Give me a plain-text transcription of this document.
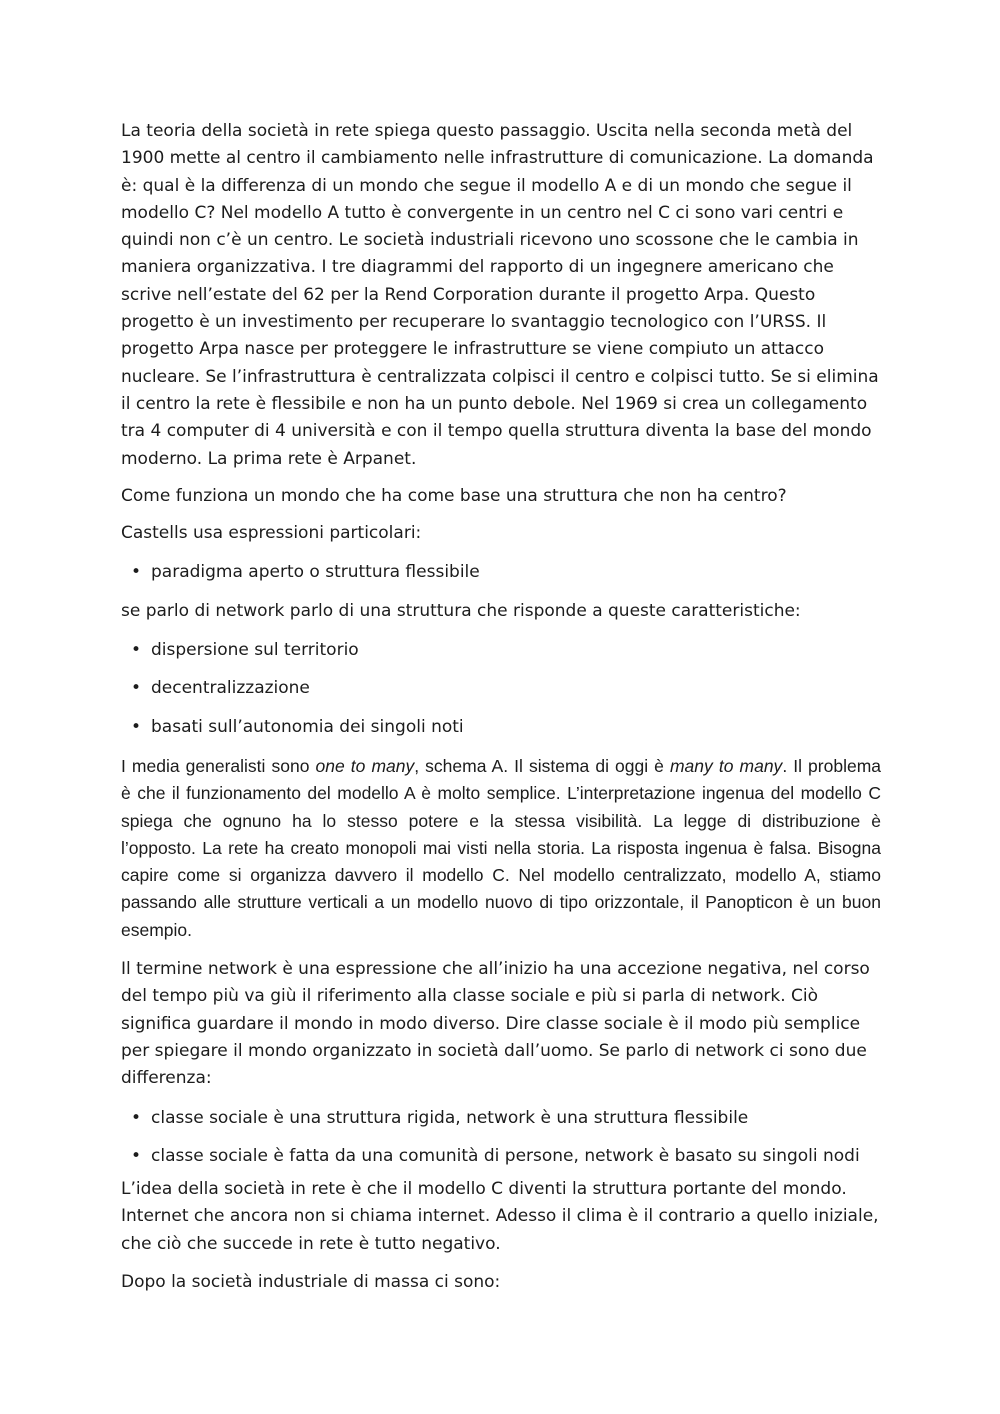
La teoria della società in rete spiega questo passaggio. Uscita nella seconda metà del 1900 mette al centro il cambiamento nelle infrastrutture di comunicazione. La domanda è: qual è la differenza di un mondo che segue il modello A e di un mondo che segue il modello C? Nel modello A tutto è convergente in un centro nel C ci sono vari centri e quindi non c’è un centro. Le società industriali ricevono uno scossone che le cambia in maniera organizzativa. I tre diagrammi del rapporto di un ingegnere americano che scrive nell’estate del 62 per la Rend Corporation durante il progetto Arpa. Questo progetto è un investimento per recuperare lo svantaggio tecnologico con l’URSS. Il progetto Arpa nasce per proteggere le infrastrutture se viene compiuto un attacco nucleare. Se l’infrastruttura è centralizzata colpisci il centro e colpisci tutto. Se si elimina il centro la rete è flessibile e non ha un punto debole. Nel 1969 si crea un collegamento tra 4 computer di 4 università e con il tempo quella struttura diventa la base del mondo moderno. La prima rete è Arpanet.

Come funziona un mondo che ha come base una struttura che non ha centro?

Castells usa espressioni particolari:

• paradigma aperto o struttura flessibile

se parlo di network parlo di una struttura che risponde a queste caratteristiche:

• dispersione sul territorio
• decentralizzazione
• basati sull’autonomia dei singoli noti

I media generalisti sono one to many, schema A. Il sistema di oggi è many to many. Il problema è che il funzionamento del modello A è molto semplice. L’interpretazione ingenua del modello C spiega che ognuno ha lo stesso potere e la stessa visibilità. La legge di distribuzione è l’opposto. La rete ha creato monopoli mai visti nella storia. La risposta ingenua è falsa. Bisogna capire come si organizza davvero il modello C. Nel modello centralizzato, modello A, stiamo passando alle strutture verticali a un modello nuovo di tipo orizzontale, il Panopticon è un buon esempio.

Il termine network è una espressione che all’inizio ha una accezione negativa, nel corso del tempo più va giù il riferimento alla classe sociale e più si parla di network. Ciò significa guardare il mondo in modo diverso. Dire classe sociale è il modo più semplice per spiegare il mondo organizzato in società dall’uomo. Se parlo di network ci sono due differenza:

• classe sociale è una struttura rigida, network è una struttura flessibile
• classe sociale è fatta da una comunità di persone, network è basato su singoli nodi

L’idea della società in rete è che il modello C diventi la struttura portante del mondo. Internet che ancora non si chiama internet. Adesso il clima è il contrario a quello iniziale, che ciò che succede in rete è tutto negativo.

Dopo la società industriale di massa ci sono:
